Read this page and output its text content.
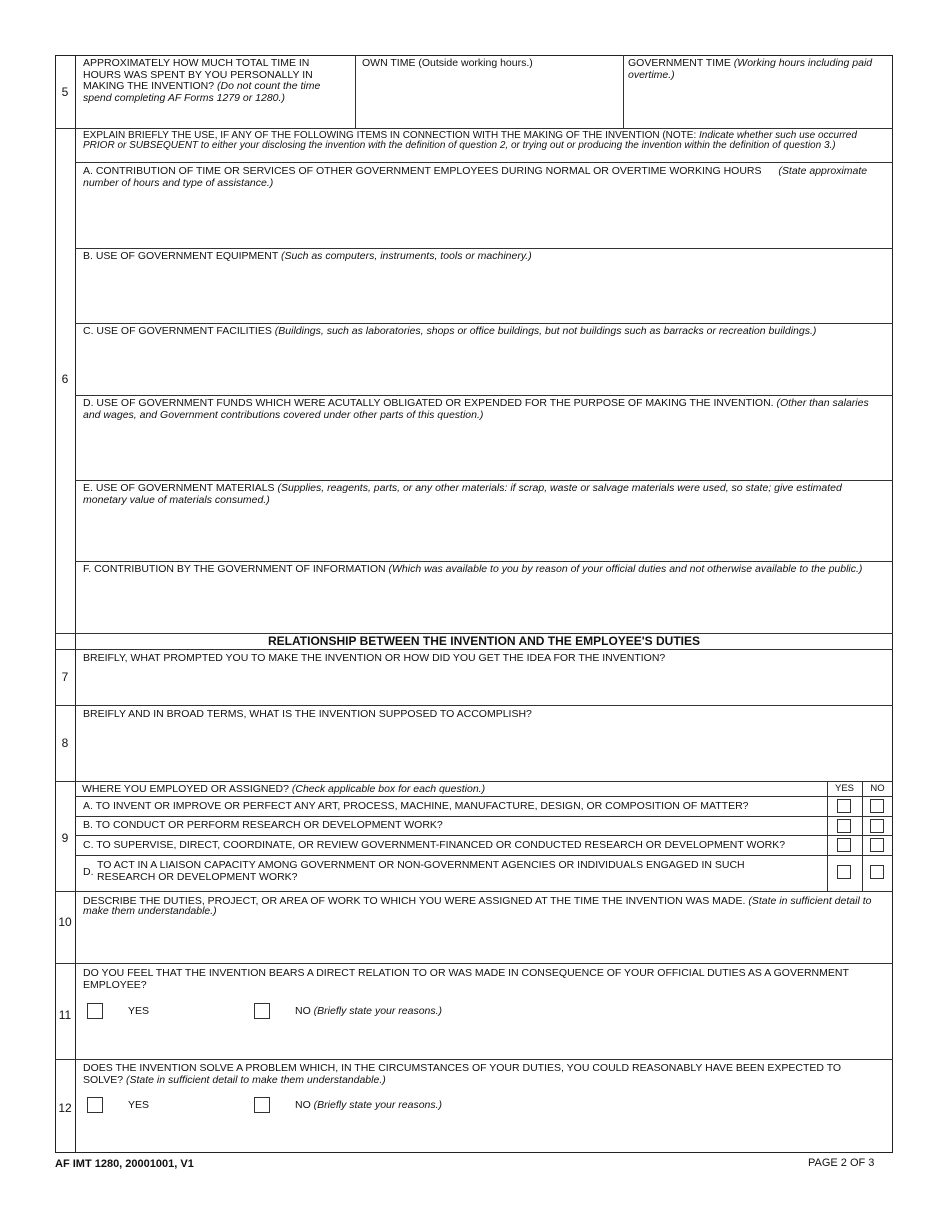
5
APPROXIMATELY HOW MUCH TOTAL TIME IN HOURS WAS SPENT BY YOU PERSONALLY IN MAKING THE INVENTION? (Do not count the time spend completing AF Forms 1279 or 1280.)
OWN TIME (Outside working hours.)	GOVERNMENT TIME (Working hours including paid overtime.)
6
EXPLAIN BRIEFLY THE USE, IF ANY OF THE FOLLOWING ITEMS IN CONNECTION WITH THE MAKING OF THE INVENTION (NOTE: Indicate whether such use occurred PRIOR or SUBSEQUENT to either your disclosing the invention with the definition of question 2, or trying out or producing the invention within the definition of question 3.)
A. CONTRIBUTION OF TIME OR SERVICES OF OTHER GOVERNMENT EMPLOYEES DURING NORMAL OR OVERTIME WORKING HOURS (State approximate number of hours and type of assistance.)
B. USE OF GOVERNMENT EQUIPMENT (Such as computers, instruments, tools or machinery.)
C. USE OF GOVERNMENT FACILITIES (Buildings, such as laboratories, shops or office buildings, but not buildings such as barracks or recreation buildings.)
D. USE OF GOVERNMENT FUNDS WHICH WERE ACUTALLY OBLIGATED OR EXPENDED FOR THE PURPOSE OF MAKING THE INVENTION. (Other than salaries and wages, and Government contributions covered under other parts of this question.)
E. USE OF GOVERNMENT MATERIALS (Supplies, reagents, parts, or any other materials: if scrap, waste or salvage materials were used, so state; give estimated monetary value of materials consumed.)
F. CONTRIBUTION BY THE GOVERNMENT OF INFORMATION (Which was available to you by reason of your official duties and not otherwise available to the public.)
RELATIONSHIP BETWEEN THE INVENTION AND THE EMPLOYEE'S DUTIES
7
BREIFLY, WHAT PROMPTED YOU TO MAKE THE INVENTION OR HOW DID YOU GET THE IDEA FOR THE INVENTION?
8
BREIFLY AND IN BROAD TERMS, WHAT IS THE INVENTION SUPPOSED TO ACCOMPLISH?
9
WHERE YOU EMPLOYED OR ASSIGNED? (Check applicable box for each question.)	YES	NO
A. TO INVENT OR IMPROVE OR PERFECT ANY ART, PROCESS, MACHINE, MANUFACTURE, DESIGN, OR COMPOSITION OF MATTER?
B. TO CONDUCT OR PERFORM RESEARCH OR DEVELOPMENT WORK?
C. TO SUPERVISE, DIRECT, COORDINATE, OR REVIEW GOVERNMENT-FINANCED OR CONDUCTED RESEARCH OR DEVELOPMENT WORK?
D.
TO ACT IN A LIAISON CAPACITY AMONG GOVERNMENT OR NON-GOVERNMENT AGENCIES OR INDIVIDUALS ENGAGED IN SUCH RESEARCH OR DEVELOPMENT WORK?
10
DESCRIBE THE DUTIES, PROJECT, OR AREA OF WORK TO WHICH YOU WERE ASSIGNED AT THE TIME THE INVENTION WAS MADE. (State in sufficient detail to make them understandable.)
11
DO YOU FEEL THAT THE INVENTION BEARS A DIRECT RELATION TO OR WAS MADE IN CONSEQUENCE OF YOUR OFFICIAL DUTIES AS A GOVERNMENT EMPLOYEE?
YES	NO (Briefly state your reasons.)
12
DOES THE INVENTION SOLVE A PROBLEM WHICH, IN THE CIRCUMSTANCES OF YOUR DUTIES, YOU COULD REASONABLY HAVE BEEN EXPECTED TO SOLVE? (State in sufficient detail to make them understandable.)
YES	NO (Briefly state your reasons.)
AF IMT 1280, 20001001, V1	PAGE 2 OF 3
